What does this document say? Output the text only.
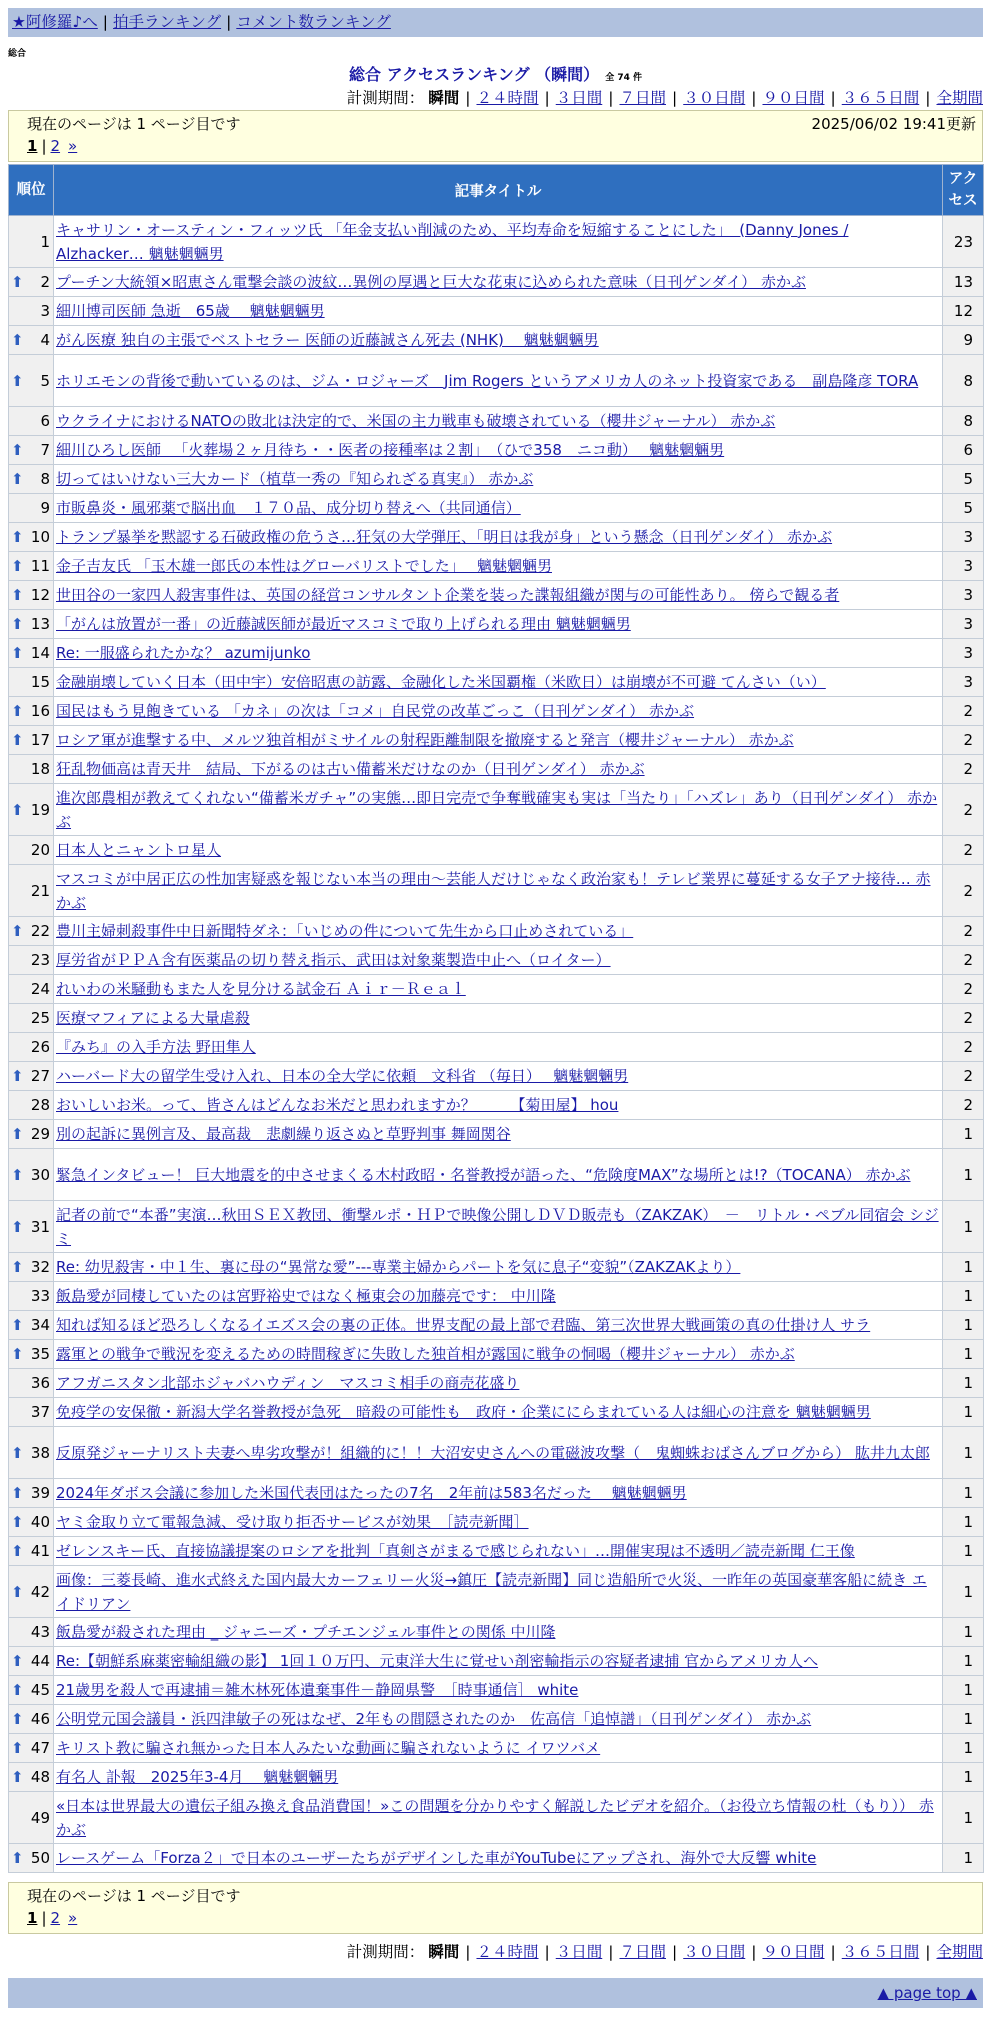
★阿修羅♪へ | 拍手ランキング | コメント数ランキング
総合
総合 アクセスランキング （瞬間） 全 74 件
計測期間： 瞬間 | ２４時間 | ３日間 | ７日間 | ３０日間 | ９０日間 | ３６５日間 | 全期間
現在のページは 1 ページ目です	2025/06/02 19:41更新
1 | 2 »
順位	記事タイトル	アクセス
1	キャサリン・オースティン・フィッツ氏 「年金支払い削減のため、平均寿命を短縮することにした」　(Danny Jones / Alzhacker… 魑魅魍魎男	23

⬆ 2	プーチン大統領×昭恵さん電撃会談の波紋…異例の厚遇と巨大な花束に込められた意味（日刊ゲンダイ） 赤かぶ	13
3	細川博司医師 急逝　65歳　 魑魅魍魎男	12

⬆ 4	がん医療 独自の主張でベストセラー 医師の近藤誠さん死去 (NHK)　 魑魅魍魎男	9

⬆ 5	ホリエモンの背後で動いているのは、ジム・ロジャーズ　Jim Rogers というアメリカ人のネット投資家である　副島隆彦 TORA	8
6	ウクライナにおけるNATOの敗北は決定的で、米国の主力戦車も破壊されている（櫻井ジャーナル） 赤かぶ	8

⬆ 7	細川ひろし医師 　「火葬場２ヶ月待ち・・医者の接種率は２割」　（ひで358　ニコ動）　 魑魅魍魎男	6

⬆ 8	切ってはいけない三大カード（植草一秀の『知られざる真実』） 赤かぶ	5
9	市販鼻炎・風邪薬で脳出血　１７０品、成分切り替えへ（共同通信）	5

⬆ 10	トランプ暴挙を黙認する石破政権の危うさ…狂気の大学弾圧、「明日は我が身」という懸念（日刊ゲンダイ） 赤かぶ	3

⬆ 11	金子吉友氏 「玉木雄一郎氏の本性はグローバリストでした」　 魑魅魍魎男	3

⬆ 12	世田谷の一家四人殺害事件は、英国の経営コンサルタント企業を装った諜報組織が関与の可能性あり。 傍らで観る者	3

⬆ 13	「がんは放置が一番」の近藤誠医師が最近マスコミで取り上げられる理由 魑魅魍魎男	3

⬆ 14	Re: 一服盛られたかな？ azumijunko	3
15	金融崩壊していく日本（田中宇）安倍昭恵の訪露、金融化した米国覇権（米欧日）は崩壊が不可避 てんさい（い）	3

⬆ 16	国民はもう見飽きている 「カネ」の次は「コメ」自民党の改革ごっこ（日刊ゲンダイ） 赤かぶ	2

⬆ 17	ロシア軍が進撃する中、メルツ独首相がミサイルの射程距離制限を撤廃すると発言（櫻井ジャーナル） 赤かぶ	2
18	狂乱物価高は青天井　結局、下がるのは古い備蓄米だけなのか（日刊ゲンダイ） 赤かぶ	2

⬆ 19	進次郎農相が教えてくれない“備蓄米ガチャ”の実態…即日完売で争奪戦確実も実は「当たり」「ハズレ」あり（日刊ゲンダイ） 赤かぶ	2
20	日本人とニャントロ星人	2
21	マスコミが中居正広の性加害疑惑を報じない本当の理由〜芸能人だけじゃなく政治家も！テレビ業界に蔓延する女子アナ接待… 赤かぶ	2

⬆ 22	豊川主婦刺殺事件中日新聞特ダネ：「いじめの件について先生から口止めされている」	2
23	厚労省がＰＰＡ含有医薬品の切り替え指示、武田は対象薬製造中止へ（ロイター）	2
24	れいわの米騒動もまた人を見分ける試金石 Ａｉｒ－Ｒｅａｌ	2
25	医療マフィアによる大量虐殺	2
26	『みち』の入手方法 野田隼人	2

⬆ 27	ハーバード大の留学生受け入れ、日本の全大学に依頼　文科省 （毎日）　 魑魅魍魎男	2
28	おいしいお米。って、皆さんはどんなお米だと思われますか？　　 【菊田屋】 hou	2

⬆ 29	別の起訴に異例言及、最高裁　悲劇繰り返さぬと草野判事 舞岡関谷	1

⬆ 30	緊急インタビュー！ 巨大地震を的中させまくる木村政昭・名誉教授が語った、“危険度MAX”な場所とは!?（TOCANA） 赤かぶ	1

⬆ 31	記者の前で“本番”実演…秋田ＳＥＸ教団、衝撃ルポ・ＨＰで映像公開しＤＶＤ販売も（ZAKZAK）　－　リトル・ペブル同宿会 シジミ	1

⬆ 32	Re: 幼児殺害・中１生、裏に母の“異常な愛”---専業主婦からパートを気に息子“変貌”（ZAKZAKより）	1
33	飯島愛が同棲していたのは宮野裕史ではなく極東会の加藤亮です： 中川隆	1

⬆ 34	知れば知るほど恐ろしくなるイエズス会の裏の正体。世界支配の最上部で君臨、第三次世界大戦画策の真の仕掛け人 サラ	1

⬆ 35	露軍との戦争で戦況を変えるための時間稼ぎに失敗した独首相が露国に戦争の恫喝（櫻井ジャーナル） 赤かぶ	1
36	アフガニスタン北部ホジャバハウディン　マスコミ相手の商売花盛り	1
37	免疫学の安保徹・新潟大学名誉教授が急死　暗殺の可能性も　政府・企業ににらまれている人は細心の注意を 魑魅魍魎男	1

⬆ 38	反原発ジャーナリスト夫妻へ卑劣攻撃が！組織的に！！大沼安史さんへの電磁波攻撃（　鬼蜘蛛おばさんブログから） 肱井九太郎	1

⬆ 39	2024年ダボス会議に参加した米国代表団はたったの7名　2年前は583名だった　 魑魅魍魎男	1

⬆ 40	ヤミ金取り立て電報急減、受け取り拒否サービスが効果　［読売新聞］	1

⬆ 41	ゼレンスキー氏、直接協議提案のロシアを批判「真剣さがまるで感じられない」…開催実現は不透明／読売新聞 仁王像	1

⬆ 42	画像：三菱長崎、進水式終えた国内最大カーフェリー火災→鎮圧【読売新聞】同じ造船所で火災、一昨年の英国豪華客船に続き エイドリアン	1
43	飯島愛が殺された理由 _ ジャニーズ・プチエンジェル事件との関係 中川隆	1

⬆ 44	Re:【朝鮮系麻薬密輸組織の影】 1回１０万円、元東洋大生に覚せい剤密輸指示の容疑者逮捕 官からアメリカ人へ	1

⬆ 45	21歳男を殺人で再逮捕＝雑木林死体遺棄事件－静岡県警　［時事通信］ white	1

⬆ 46	公明党元国会議員・浜四津敏子の死はなぜ、2年もの間隠されたのか　佐高信「追悼譜」（日刊ゲンダイ） 赤かぶ	1

⬆ 47	キリスト教に騙され無かった日本人みたいな動画に騙されないように イワツバメ	1

⬆ 48	有名人 訃報　2025年3-4月　 魑魅魍魎男	1
49	«日本は世界最大の遺伝子組み換え食品消費国！»この問題を分かりやすく解説したビデオを紹介。（お役立ち情報の杜（もり）） 赤かぶ	1

⬆ 50	レースゲーム「Forza２」で日本のユーザーたちがデザインした車がYouTubeにアップされ、海外で大反響 white	1
現在のページは 1 ページ目です
1 | 2 »
計測期間： 瞬間 | ２４時間 | ３日間 | ７日間 | ３０日間 | ９０日間 | ３６５日間 | 全期間
▲ page top ▲
